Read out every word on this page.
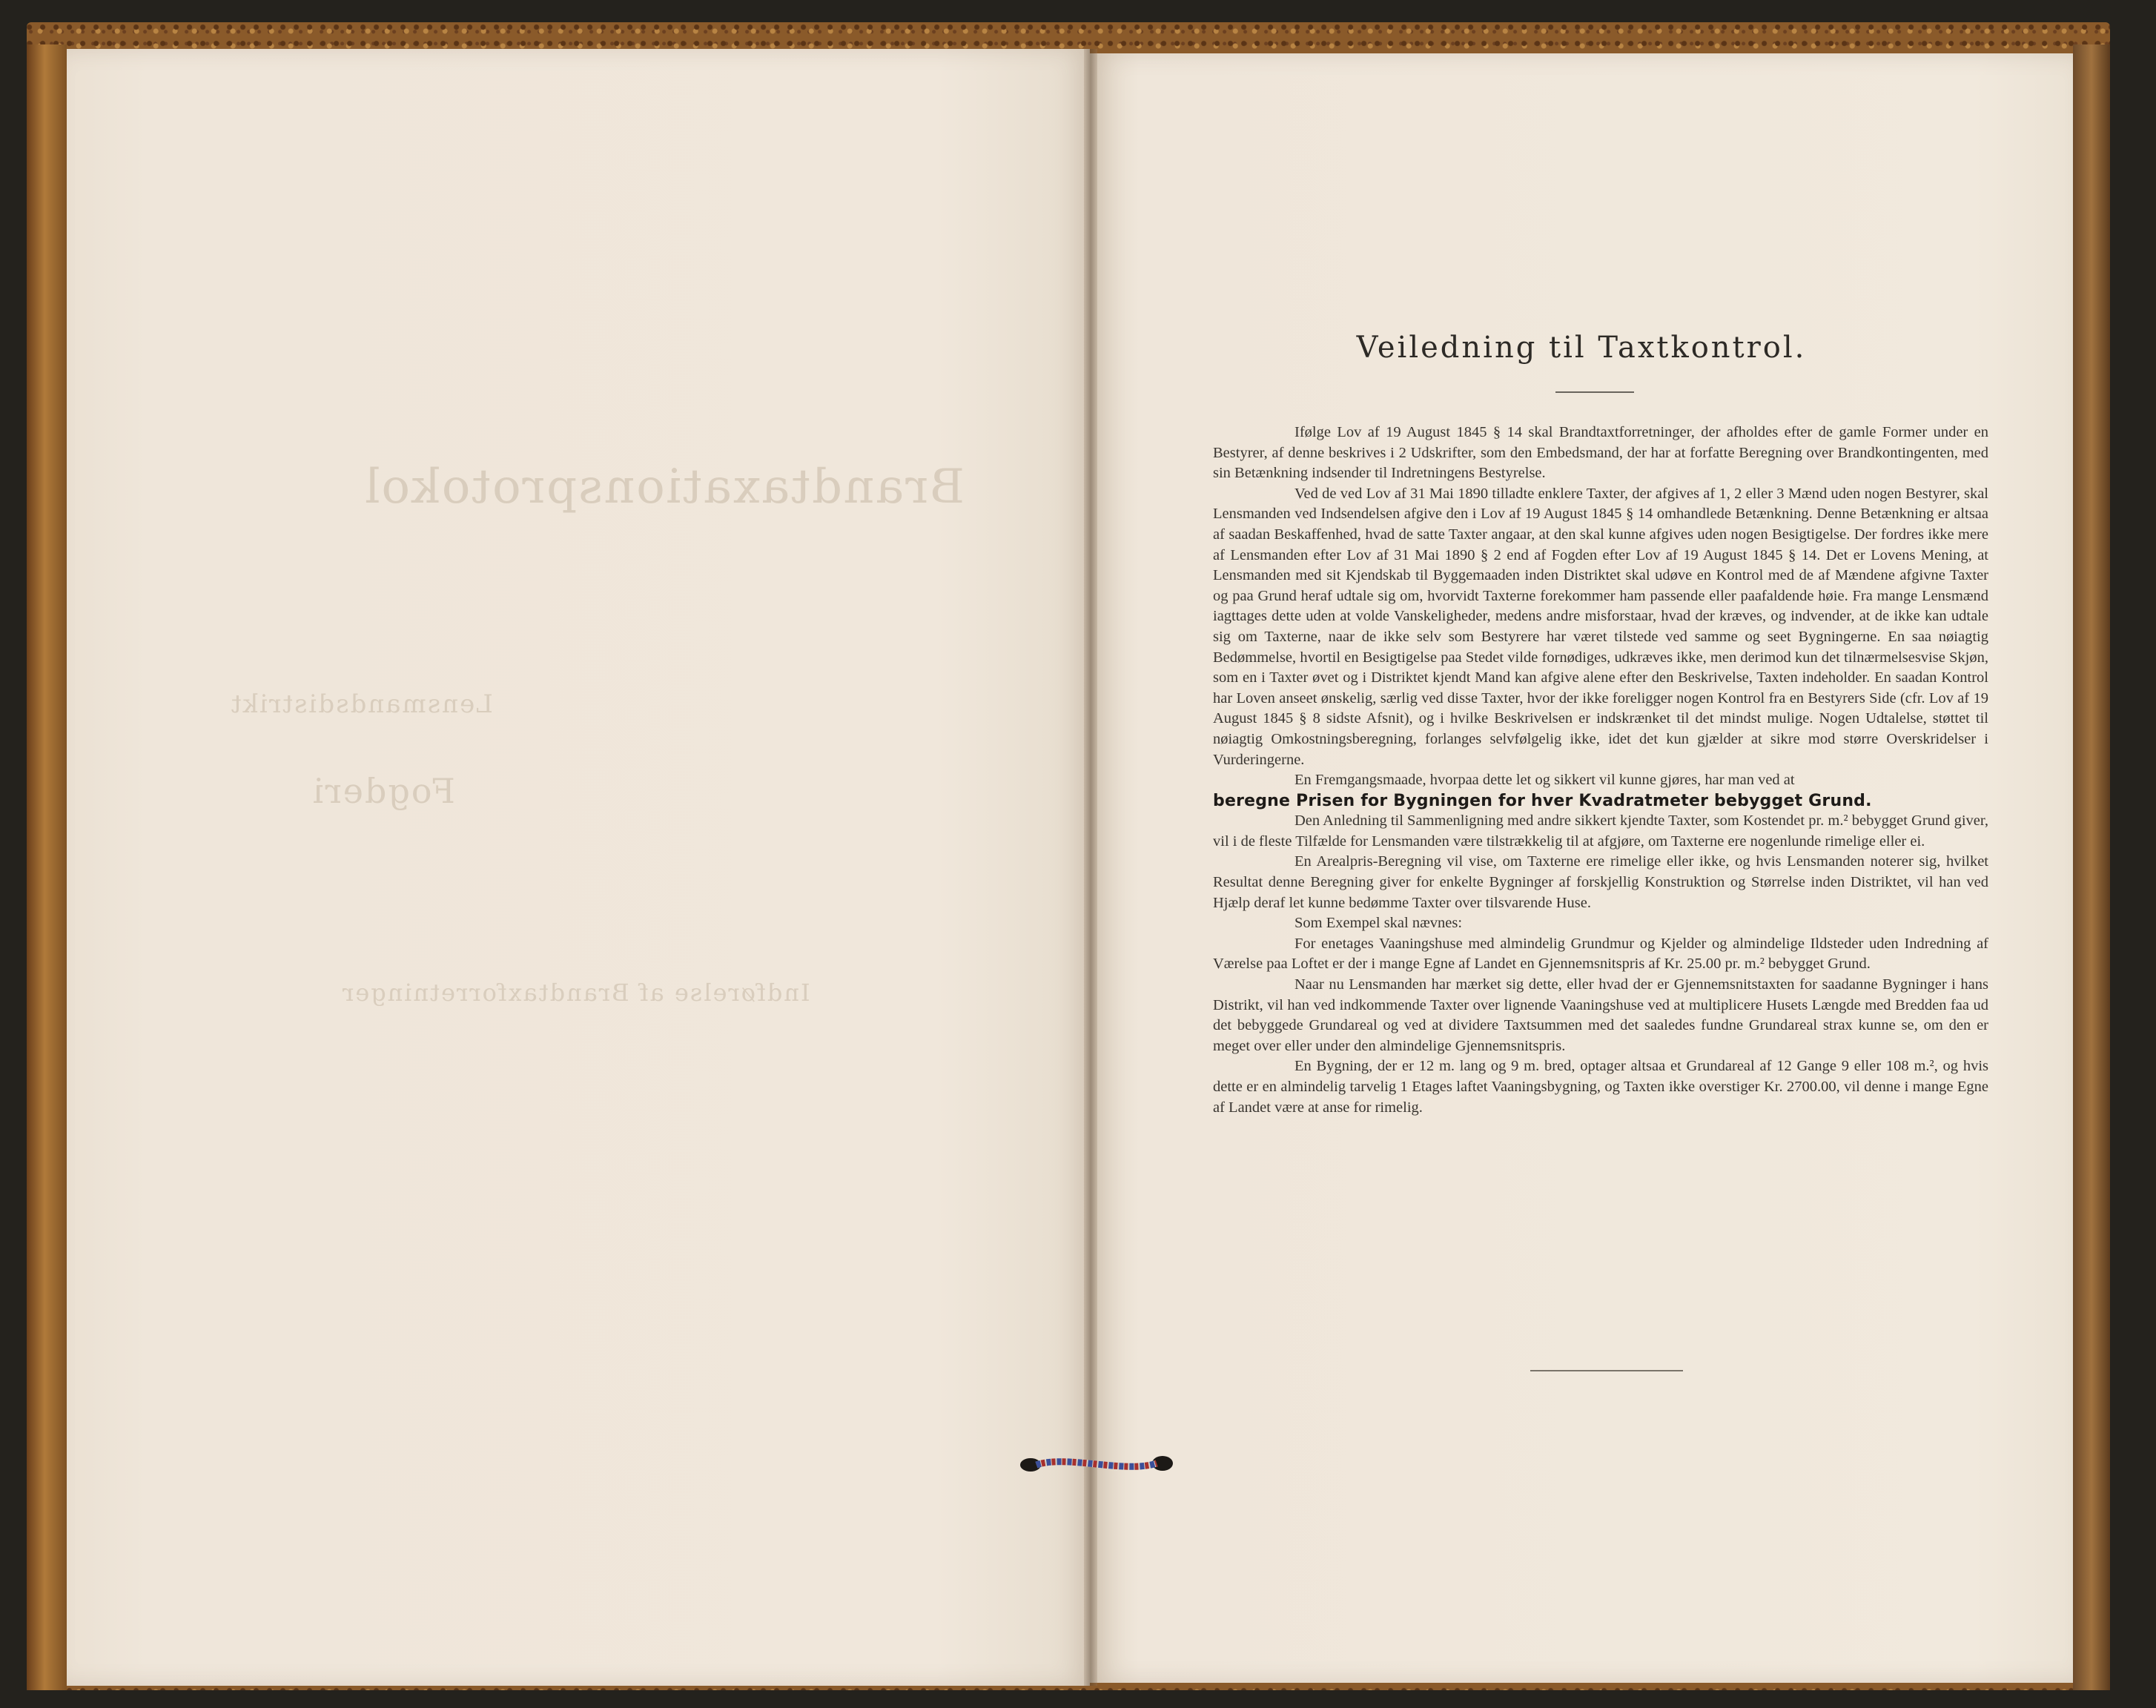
Brandtaxationsprotokol
Lensmandsdistrikt
Fogderi
Indførelse af Brandtaxforretninger
Veiledning til Taxtkontrol.

Ifølge Lov af 19 August 1845 § 14 skal Brandtaxtforretninger, der afholdes efter de gamle Former under en Bestyrer, af denne beskrives i 2 Udskrifter, som den Embedsmand, der har at forfatte Beregning over Brandkontingenten, med sin Betænkning indsender til Indretningens Bestyrelse.

Ved de ved Lov af 31 Mai 1890 tilladte enklere Taxter, der afgives af 1, 2 eller 3 Mænd uden nogen Bestyrer, skal Lensmanden ved Indsendelsen afgive den i Lov af 19 August 1845 § 14 omhandlede Betænkning. Denne Betænkning er altsaa af saadan Beskaffenhed, hvad de satte Taxter angaar, at den skal kunne afgives uden nogen Besigtigelse. Der fordres ikke mere af Lensmanden efter Lov af 31 Mai 1890 § 2 end af Fogden efter Lov af 19 August 1845 § 14. Det er Lovens Mening, at Lensmanden med sit Kjendskab til Byggemaaden inden Distriktet skal udøve en Kontrol med de af Mændene afgivne Taxter og paa Grund heraf udtale sig om, hvorvidt Taxterne forekommer ham passende eller paafaldende høie. Fra mange Lensmænd iagttages dette uden at volde Vanskeligheder, medens andre misforstaar, hvad der kræves, og indvender, at de ikke kan udtale sig om Taxterne, naar de ikke selv som Bestyrere har været tilstede ved samme og seet Bygningerne. En saa nøiagtig Bedømmelse, hvortil en Besigtigelse paa Stedet vilde fornødiges, udkræves ikke, men derimod kun det tilnærmelsesvise Skjøn, som en i Taxter øvet og i Distriktet kjendt Mand kan afgive alene efter den Beskrivelse, Taxten indeholder. En saadan Kontrol har Loven anseet ønskelig, særlig ved disse Taxter, hvor der ikke foreligger nogen Kontrol fra en Bestyrers Side (cfr. Lov af 19 August 1845 § 8 sidste Afsnit), og i hvilke Beskrivelsen er indskrænket til det mindst mulige. Nogen Udtalelse, støttet til nøiagtig Omkostningsberegning, forlanges selvfølgelig ikke, idet det kun gjælder at sikre mod større Overskridelser i Vurderingerne.

En Fremgangsmaade, hvorpaa dette let og sikkert vil kunne gjøres, har man ved at

beregne Prisen for Bygningen for hver Kvadratmeter bebygget Grund.

Den Anledning til Sammenligning med andre sikkert kjendte Taxter, som Kostendet pr. m.² bebygget Grund giver, vil i de fleste Tilfælde for Lensmanden være tilstrækkelig til at afgjøre, om Taxterne ere nogenlunde rimelige eller ei.

En Arealpris-Beregning vil vise, om Taxterne ere rimelige eller ikke, og hvis Lensmanden noterer sig, hvilket Resultat denne Beregning giver for enkelte Bygninger af forskjellig Konstruktion og Størrelse inden Distriktet, vil han ved Hjælp deraf let kunne bedømme Taxter over tilsvarende Huse.

Som Exempel skal nævnes:

For enetages Vaaningshuse med almindelig Grundmur og Kjelder og almindelige Ildsteder uden Indredning af Værelse paa Loftet er der i mange Egne af Landet en Gjennemsnitspris af Kr. 25.00 pr. m.² bebygget Grund.

Naar nu Lensmanden har mærket sig dette, eller hvad der er Gjennemsnitstaxten for saadanne Bygninger i hans Distrikt, vil han ved indkommende Taxter over lignende Vaaningshuse ved at multiplicere Husets Længde med Bredden faa ud det bebyggede Grundareal og ved at dividere Taxtsummen med det saaledes fundne Grundareal strax kunne se, om den er meget over eller under den almindelige Gjennemsnitspris.

En Bygning, der er 12 m. lang og 9 m. bred, optager altsaa et Grundareal af 12 Gange 9 eller 108 m.², og hvis dette er en almindelig tarvelig 1 Etages laftet Vaaningsbygning, og Taxten ikke overstiger Kr. 2700.00, vil denne i mange Egne af Landet være at anse for rimelig.
